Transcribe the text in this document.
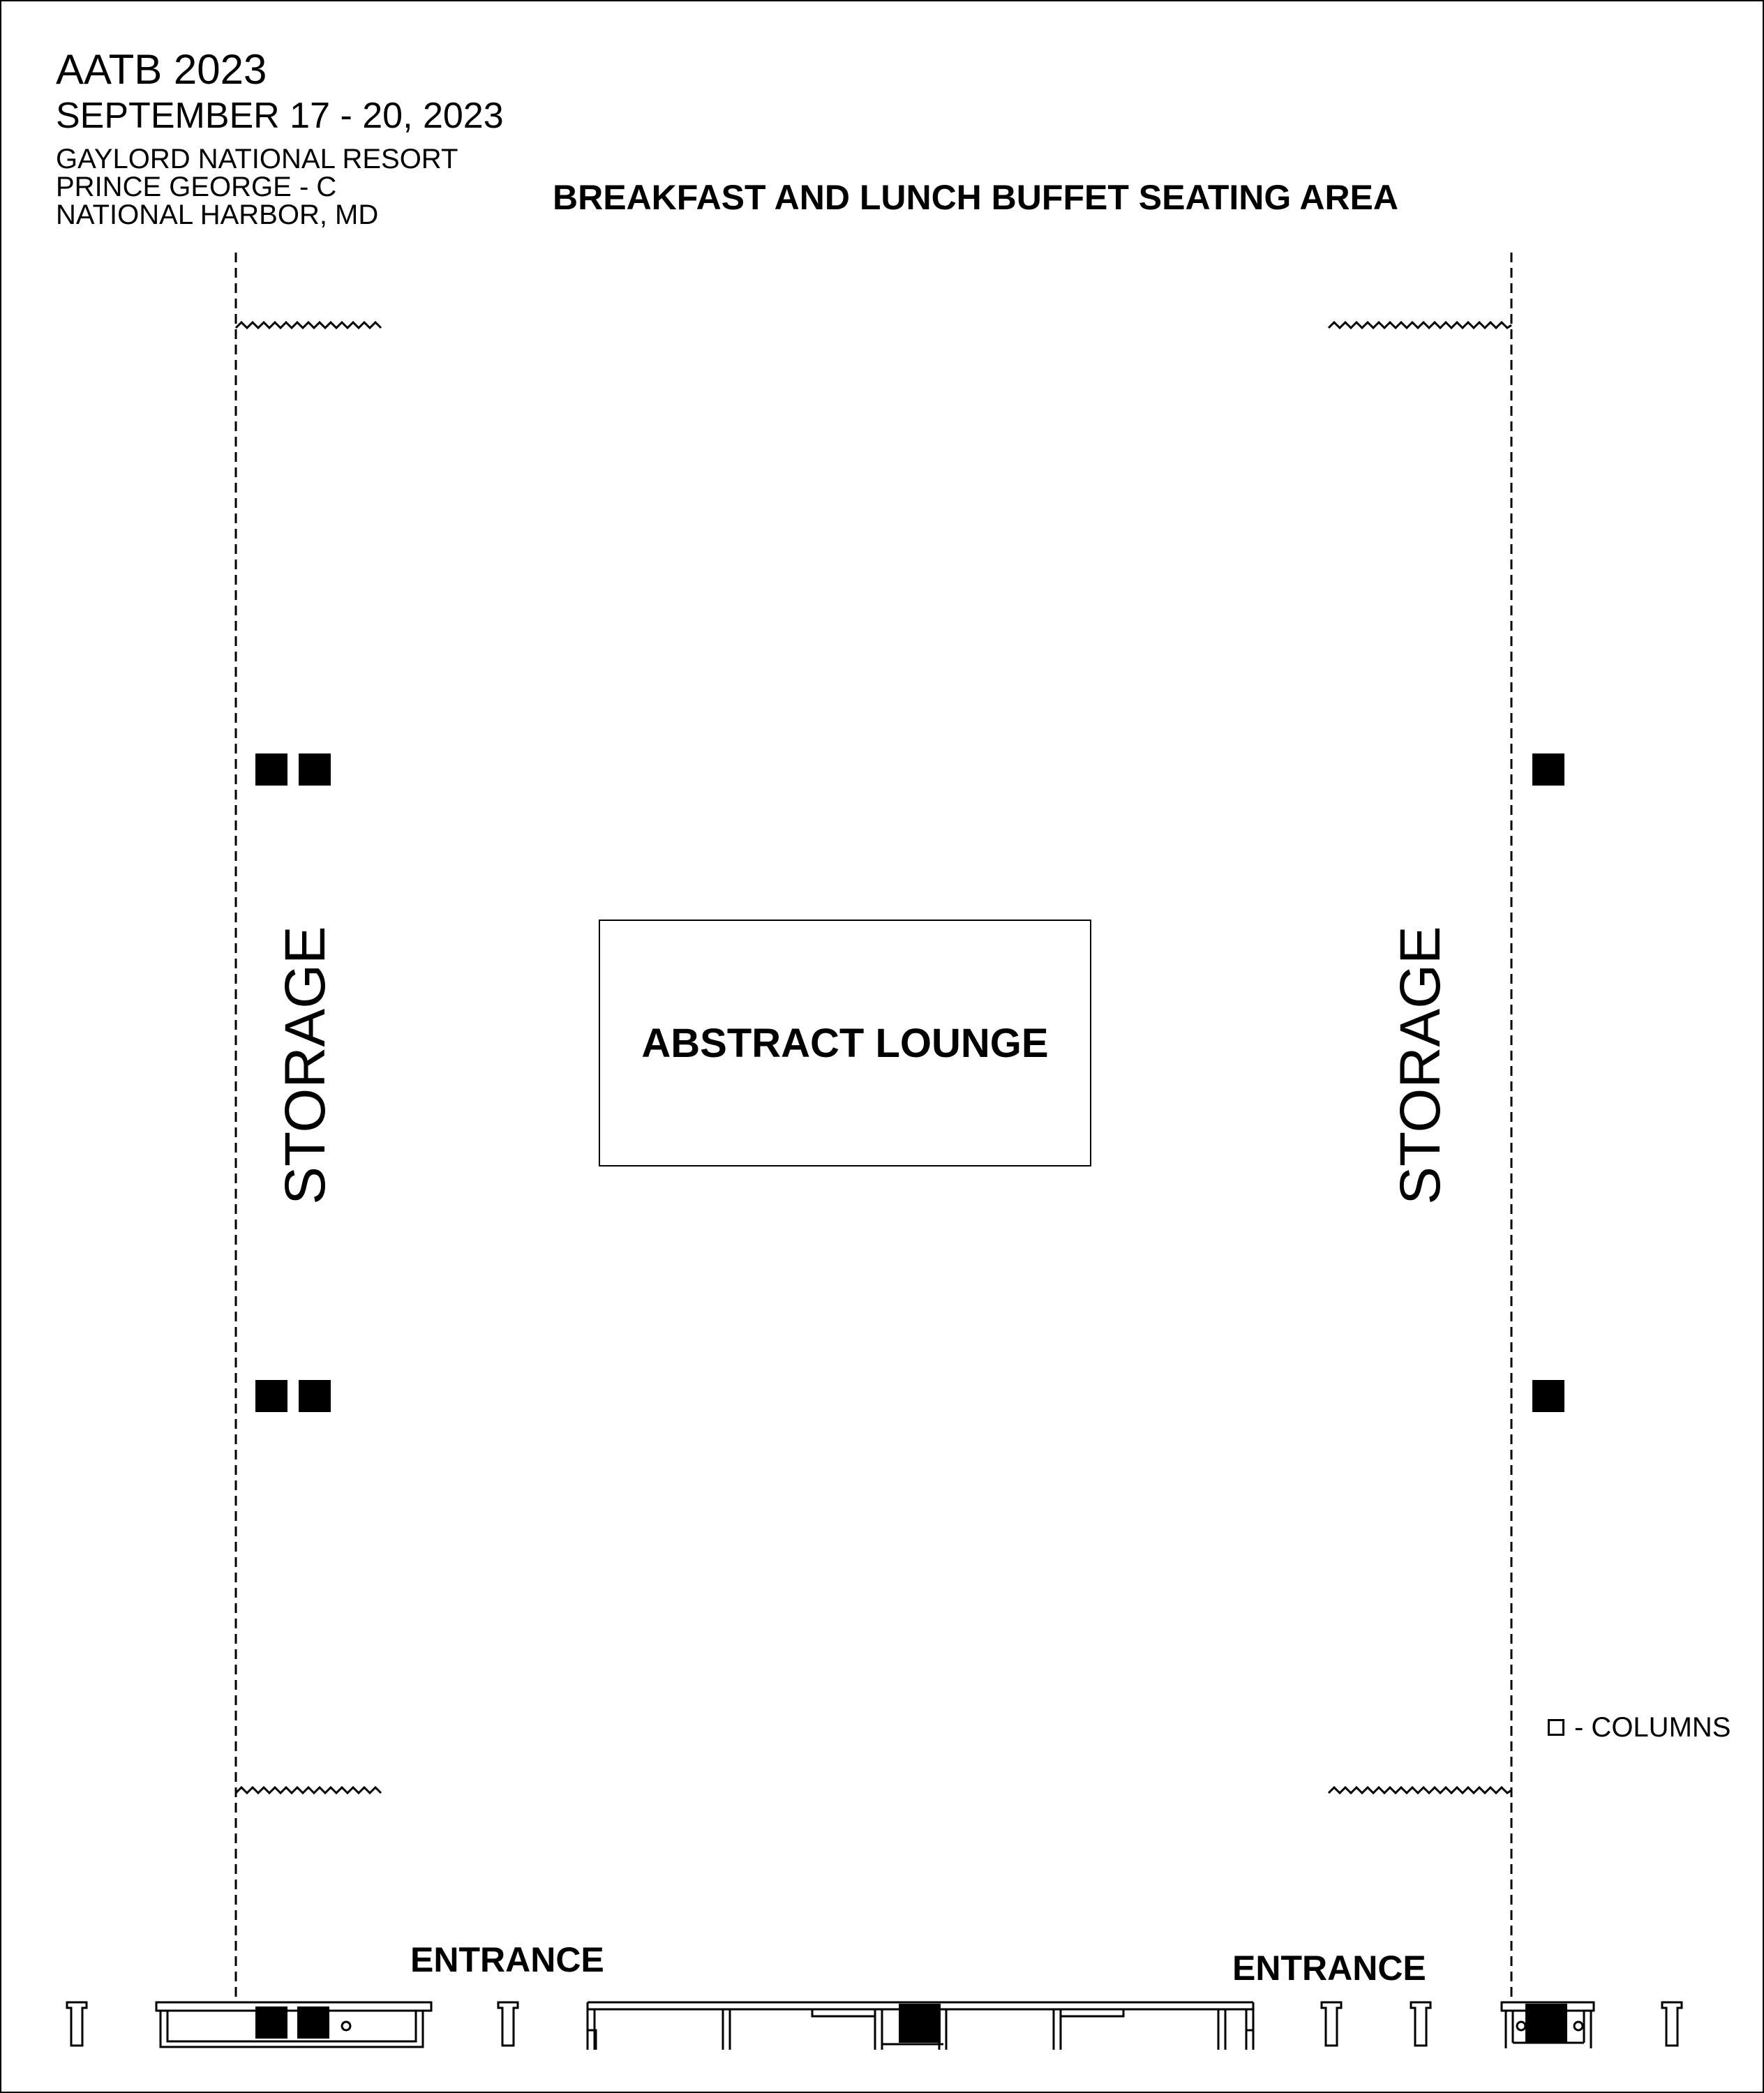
AATB 2023
SEPTEMBER 17 - 20, 2023
GAYLORD NATIONAL RESORT
PRINCE GEORGE - C
NATIONAL HARBOR, MD	BREAKFAST AND LUNCH BUFFET SEATING AREA
ABSTRACT LOUNGE
STORAGE	STORAGE
ENTRANCE	ENTRANCE
- COLUMNS
